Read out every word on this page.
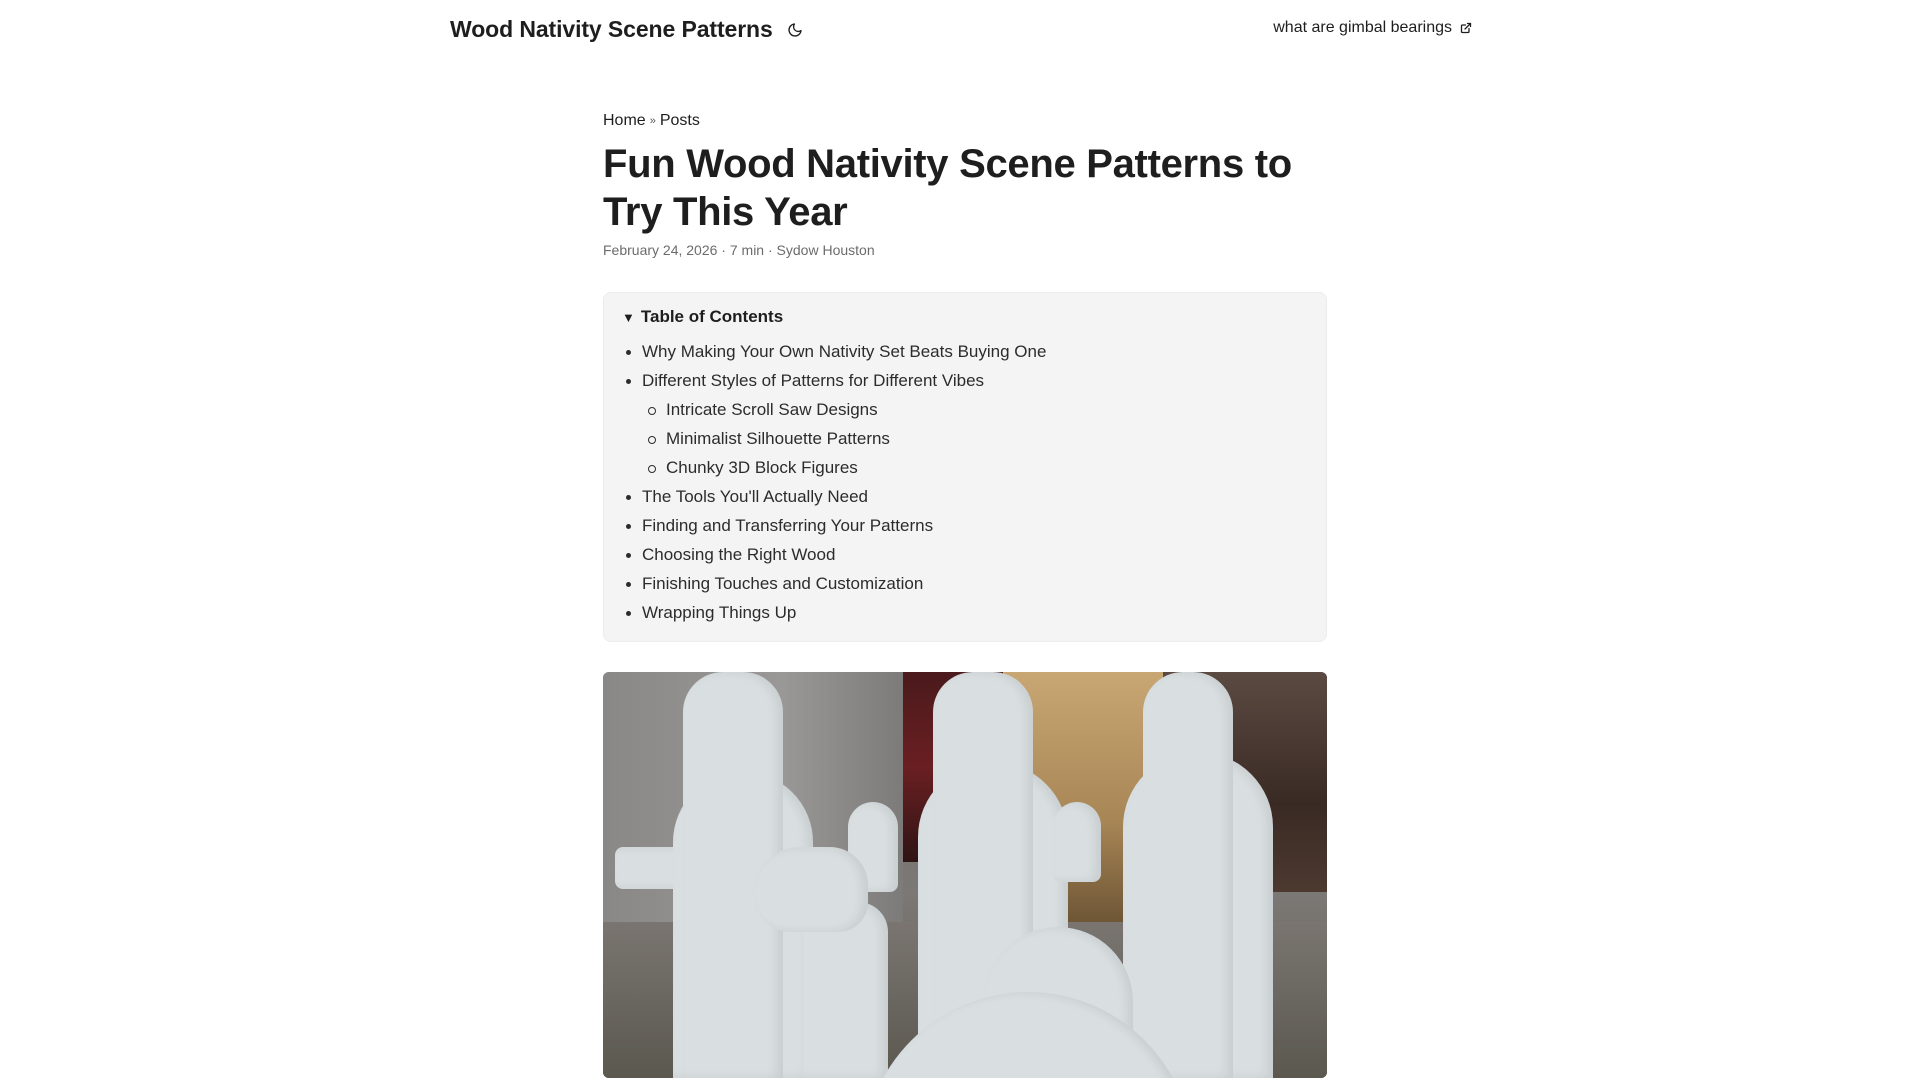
Wood Nativity Scene Patterns	what are gimbal bearings
Home » Posts
Fun Wood Nativity Scene Patterns to Try This Year
February 24, 2026 · 7 min · Sydow Houston
▼ Table of Contents
Why Making Your Own Nativity Set Beats Buying One
Different Styles of Patterns for Different Vibes
Intricate Scroll Saw Designs
Minimalist Silhouette Patterns
Chunky 3D Block Figures
The Tools You'll Actually Need
Finding and Transferring Your Patterns
Choosing the Right Wood
Finishing Touches and Customization
Wrapping Things Up
